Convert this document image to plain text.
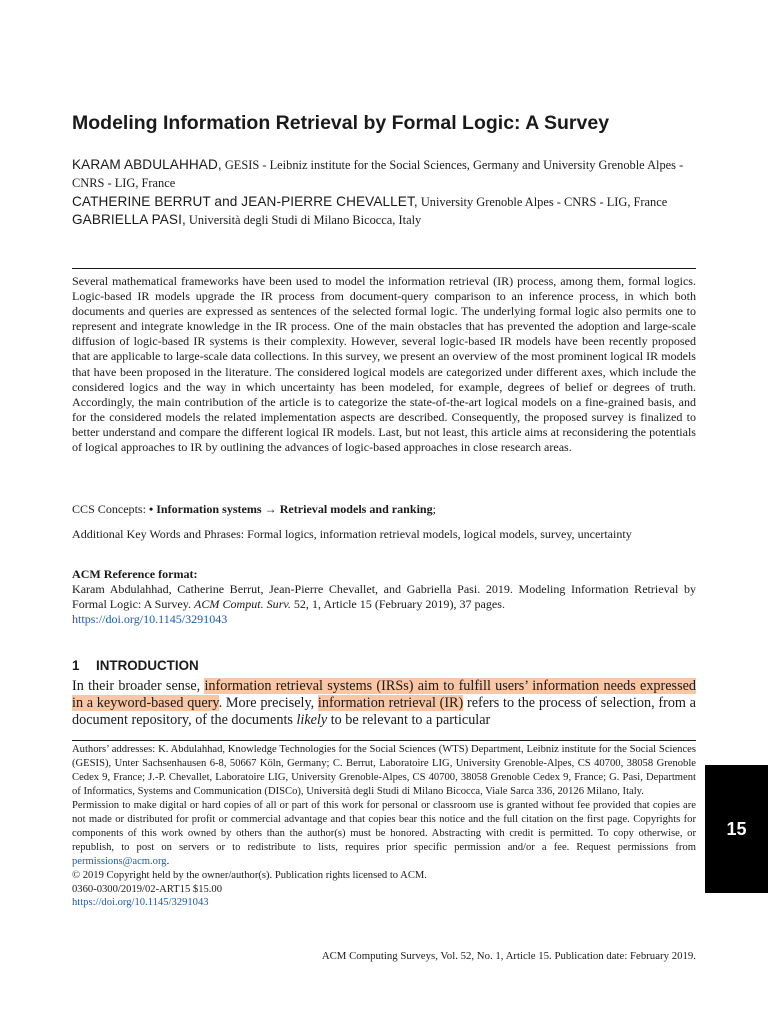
Modeling Information Retrieval by Formal Logic: A Survey
KARAM ABDULAHHAD, GESIS - Leibniz institute for the Social Sciences, Germany and University Grenoble Alpes - CNRS - LIG, France
CATHERINE BERRUT and JEAN-PIERRE CHEVALLET, University Grenoble Alpes - CNRS - LIG, France
GABRIELLA PASI, Università degli Studi di Milano Bicocca, Italy

Several mathematical frameworks have been used to model the information retrieval (IR) process, among them, formal logics. Logic-based IR models upgrade the IR process from document-query comparison to an inference process, in which both documents and queries are expressed as sentences of the selected formal logic. The underlying formal logic also permits one to represent and integrate knowledge in the IR process. One of the main obstacles that has prevented the adoption and large-scale diffusion of logic-based IR systems is their complexity. However, several logic-based IR models have been recently proposed that are applicable to large-scale data collections. In this survey, we present an overview of the most prominent logical IR models that have been proposed in the literature. The considered logical models are categorized under different axes, which include the considered logics and the way in which uncertainty has been modeled, for example, degrees of belief or degrees of truth. Accordingly, the main contribution of the article is to categorize the state-of-the-art logical models on a fine-grained basis, and for the considered models the related implementation aspects are described. Consequently, the proposed survey is finalized to better understand and compare the different logical IR models. Last, but not least, this article aims at reconsidering the potentials of logical approaches to IR by outlining the advances of logic-based approaches in close research areas.

CCS Concepts: • Information systems → Retrieval models and ranking;

Additional Key Words and Phrases: Formal logics, information retrieval models, logical models, survey, uncertainty

ACM Reference format:
Karam Abdulahhad, Catherine Berrut, Jean-Pierre Chevallet, and Gabriella Pasi. 2019. Modeling Information Retrieval by Formal Logic: A Survey. ACM Comput. Surv. 52, 1, Article 15 (February 2019), 37 pages.
https://doi.org/10.1145/3291043
1 INTRODUCTION

In their broader sense, information retrieval systems (IRSs) aim to fulfill users’ information needs expressed in a keyword-based query. More precisely, information retrieval (IR) refers to the process of selection, from a document repository, of the documents likely to be relevant to a particular

Authors’ addresses: K. Abdulahhad, Knowledge Technologies for the Social Sciences (WTS) Department, Leibniz institute for the Social Sciences (GESIS), Unter Sachsenhausen 6-8, 50667 Köln, Germany; C. Berrut, Laboratoire LIG, University Grenoble-Alpes, CS 40700, 38058 Grenoble Cedex 9, France; J.-P. Chevallet, Laboratoire LIG, University Grenoble-Alpes, CS 40700, 38058 Grenoble Cedex 9, France; G. Pasi, Department of Informatics, Systems and Communication (DISCo), Università degli Studi di Milano Bicocca, Viale Sarca 336, 20126 Milano, Italy.

Permission to make digital or hard copies of all or part of this work for personal or classroom use is granted without fee provided that copies are not made or distributed for profit or commercial advantage and that copies bear this notice and the full citation on the first page. Copyrights for components of this work owned by others than the author(s) must be honored. Abstracting with credit is permitted. To copy otherwise, or republish, to post on servers or to redistribute to lists, requires prior specific permission and/or a fee. Request permissions from permissions@acm.org.

© 2019 Copyright held by the owner/author(s). Publication rights licensed to ACM.

0360-0300/2019/02-ART15 $15.00

https://doi.org/10.1145/3291043

ACM Computing Surveys, Vol. 52, No. 1, Article 15. Publication date: February 2019.
15
